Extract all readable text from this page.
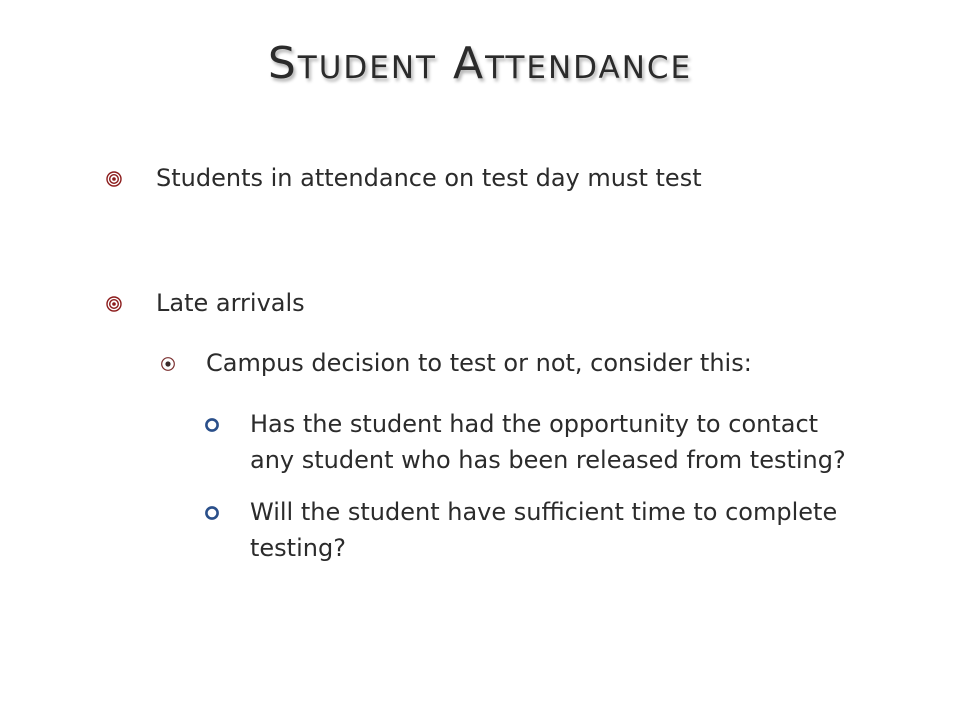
Student Attendance
Students in attendance on test day must test
Late arrivals
Campus decision to test or not, consider this:
Has the student had the opportunity to contact
any student who has been released from testing?
Will the student have sufficient time to complete
testing?
